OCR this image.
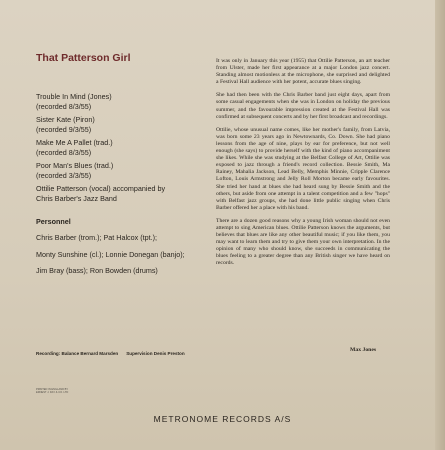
That Patterson Girl
Trouble In Mind (Jones)
(recorded 8/3/55)
Sister Kate (Piron)
(recorded 9/3/55)
Make Me A Pallet (trad.)
(recorded 8/3/55)
Poor Man's Blues (trad.)
(recorded 3/3/55)
Ottilie Patterson (vocal) accompanied by
Chris Barber's Jazz Band
Personnel
Chris Barber (trom.); Pat Halcox (tpt.);
Monty Sunshine (cl.); Lonnie Donegan (banjo);
Jim Bray (bass); Ron Bowden (drums)
Recording: Balance Bernard Marsden Supervision Denis Preston

It was only in January this year (1955) that Ottilie Patterson, an art teacher from Ulster, made her first appearance at a major London jazz concert. Standing almost motionless at the microphone, she surprised and delighted a Festival Hall audience with her potent, accurate blues singing.

She had then been with the Chris Barber band just eight days, apart from some casual engagements when she was in London on holiday the previous summer, and the favourable impression created at the Festival Hall was confirmed at subsequent concerts and by her first broadcast and recordings.

Ottilie, whose unusual name comes, like her mother's family, from Latvia, was born some 23 years ago in Newtownards, Co. Down. She had piano lessons from the age of nine, plays by ear for preference, but not well enough (she says) to provide herself with the kind of piano accompaniment she likes. While she was studying at the Belfast College of Art, Ottilie was exposed to jazz through a friend's record collection. Bessie Smith, Ma Rainey, Mahalia Jackson, Lead Belly, Memphis Minnie, Cripple Clarence Lofton, Louis Armstrong and Jelly Roll Morton became early favourites. She tried her hand at blues she had heard sung by Bessie Smith and the others, but aside from one attempt in a talent competition and a few "hops" with Belfast jazz groups, she had done little public singing when Chris Barber offered her a place with his band.

There are a dozen good reasons why a young Irish woman should not even attempt to sing American blues. Ottilie Patterson knows the arguments, but believes that blues are like any other beautiful music; if you like them, you may want to learn them and try to give them your own interpretation. In the opinion of many who should know, she succeeds in communicating the blues feeling to a greater degree than any British singer we have heard on records.

Max Jones
PRINTED IN ENGLAND BY ERNEST J. DAY & CO. LTD
METRONOME RECORDS A/S
